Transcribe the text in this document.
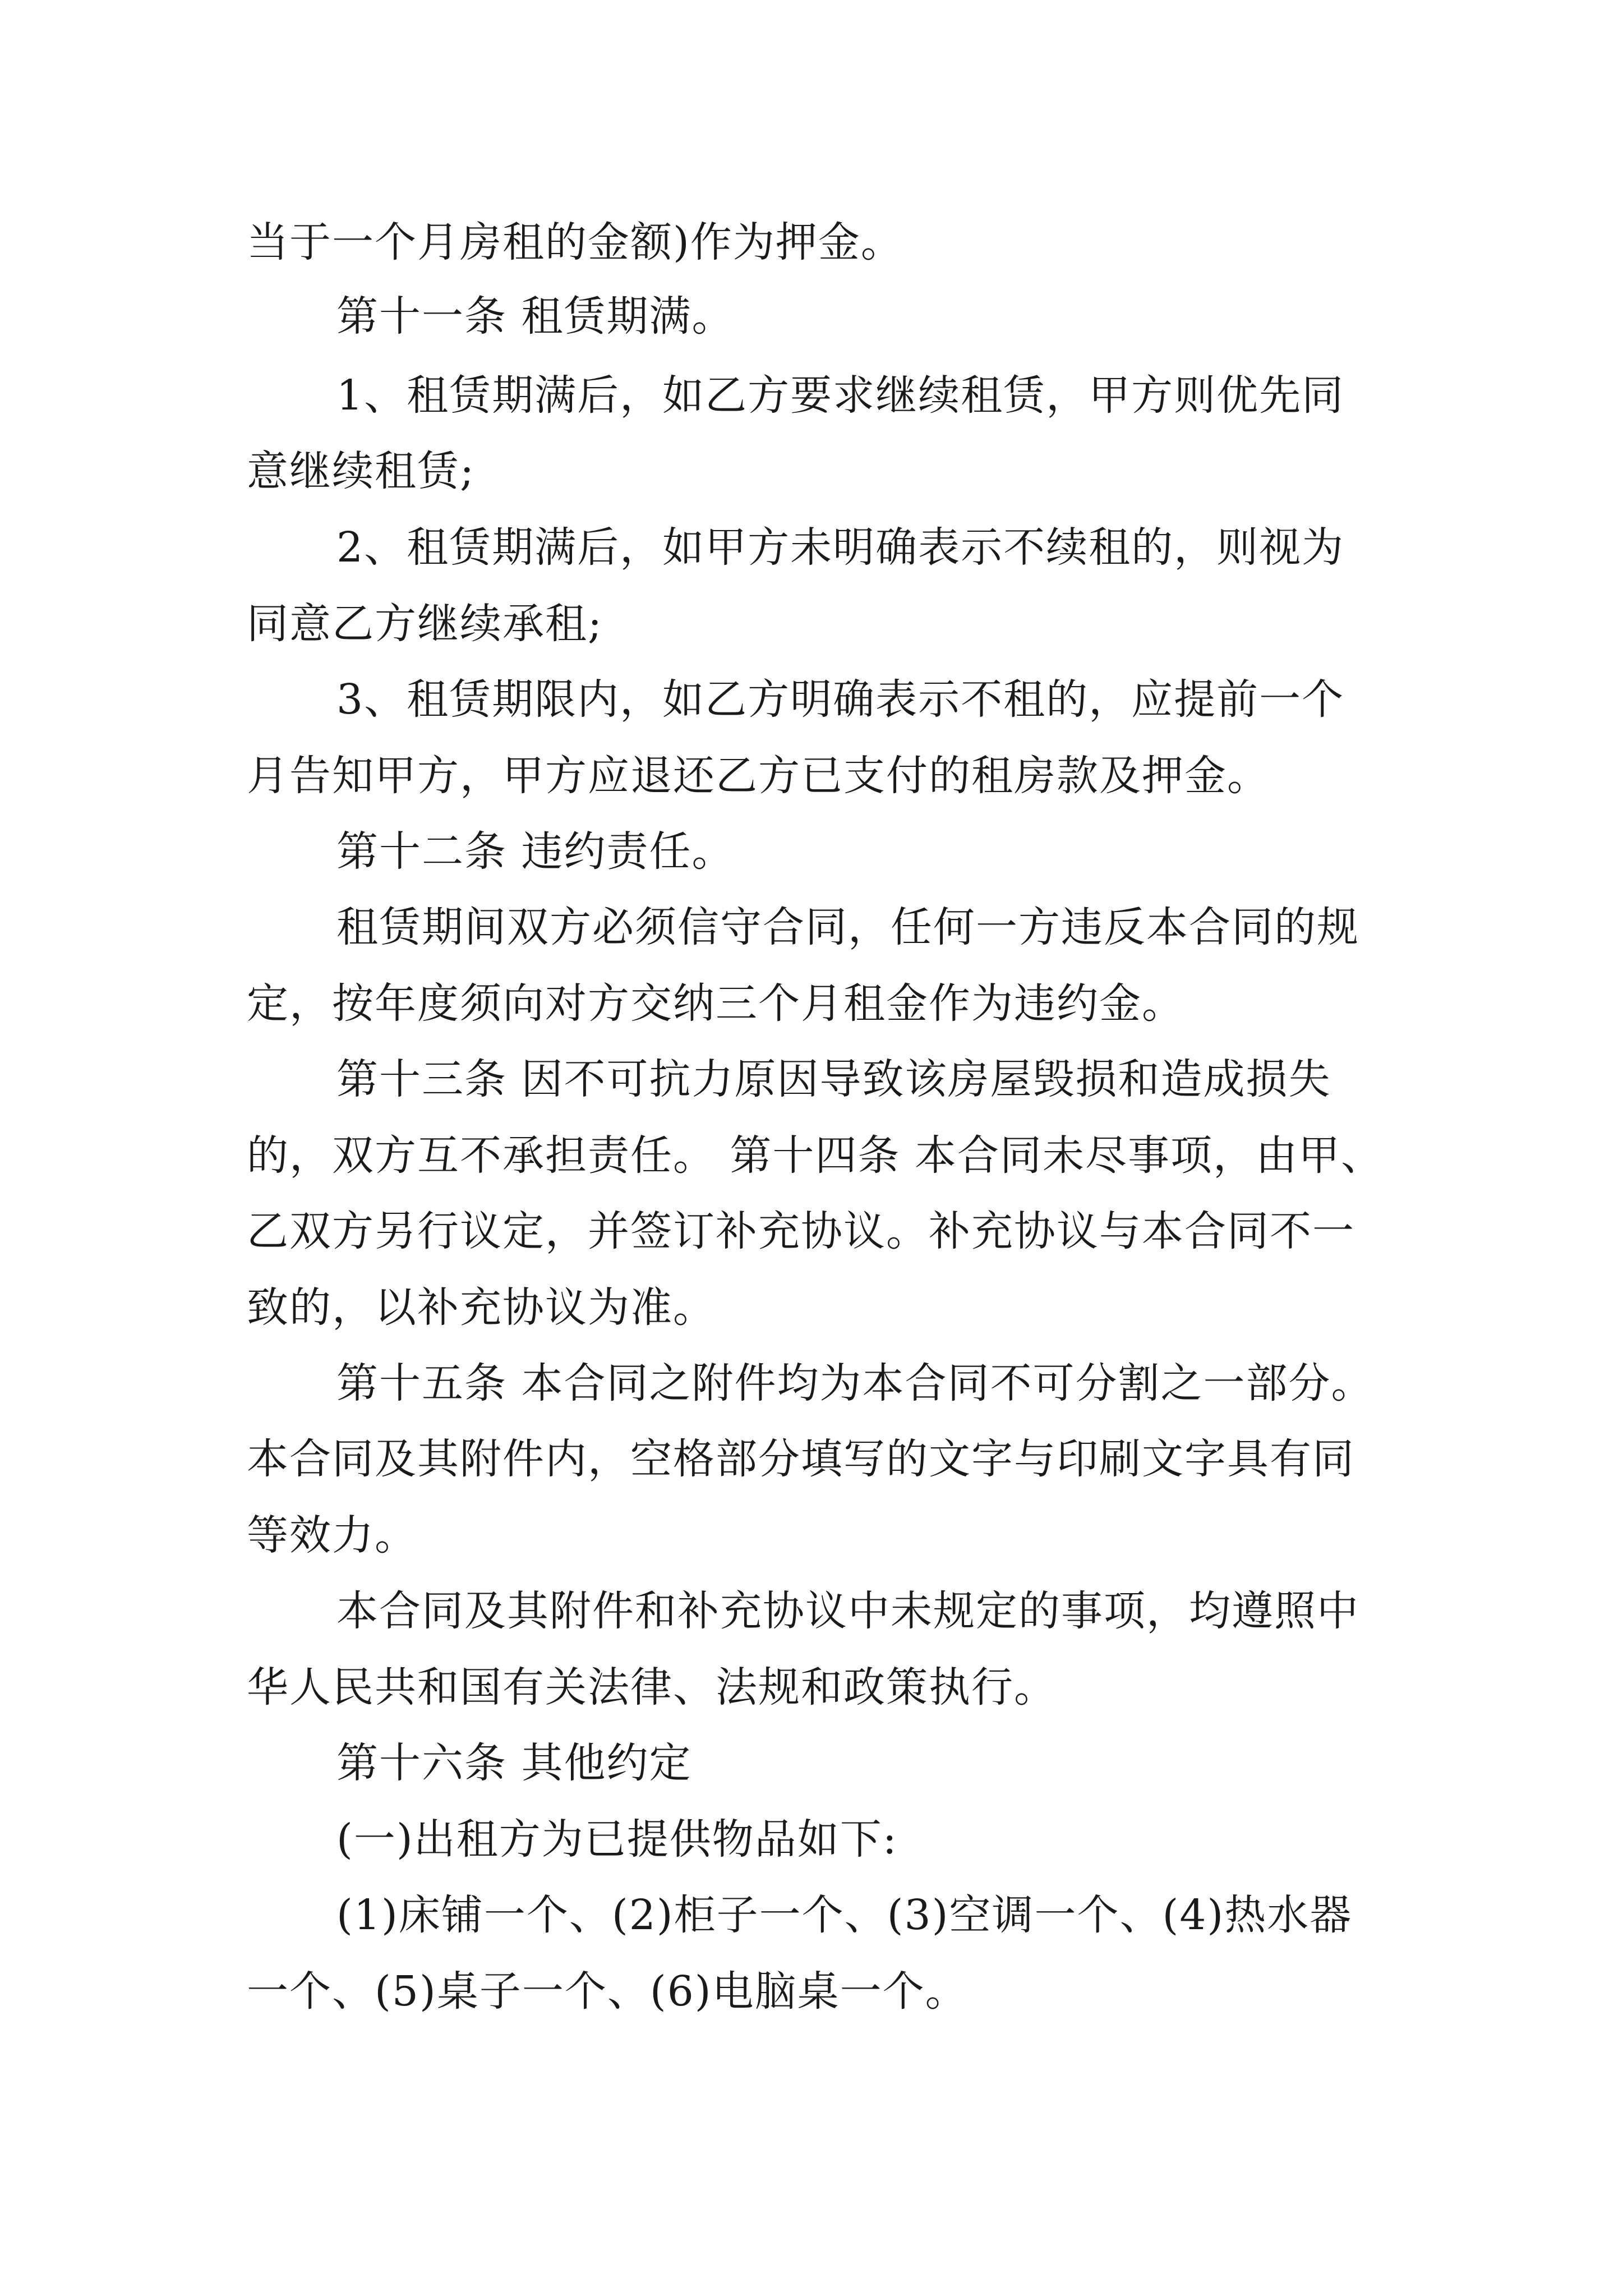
当于一个月房租的金额)作为押金。

第十一条 租赁期满。

1、租赁期满后，如乙方要求继续租赁，甲方则优先同

意继续租赁;

2、租赁期满后，如甲方未明确表示不续租的，则视为

同意乙方继续承租;

3、租赁期限内，如乙方明确表示不租的，应提前一个

月告知甲方，甲方应退还乙方已支付的租房款及押金。

第十二条 违约责任。

租赁期间双方必须信守合同，任何一方违反本合同的规

定，按年度须向对方交纳三个月租金作为违约金。

第十三条 因不可抗力原因导致该房屋毁损和造成损失

的，双方互不承担责任。 第十四条 本合同未尽事项，由甲、

乙双方另行议定，并签订补充协议。补充协议与本合同不一

致的，以补充协议为准。

第十五条 本合同之附件均为本合同不可分割之一部分。

本合同及其附件内，空格部分填写的文字与印刷文字具有同

等效力。

本合同及其附件和补充协议中未规定的事项，均遵照中

华人民共和国有关法律、法规和政策执行。

第十六条 其他约定

(一)出租方为已提供物品如下:

(1)床铺一个、(2)柜子一个、(3)空调一个、(4)热水器

一个、(5)桌子一个、(6)电脑桌一个。
